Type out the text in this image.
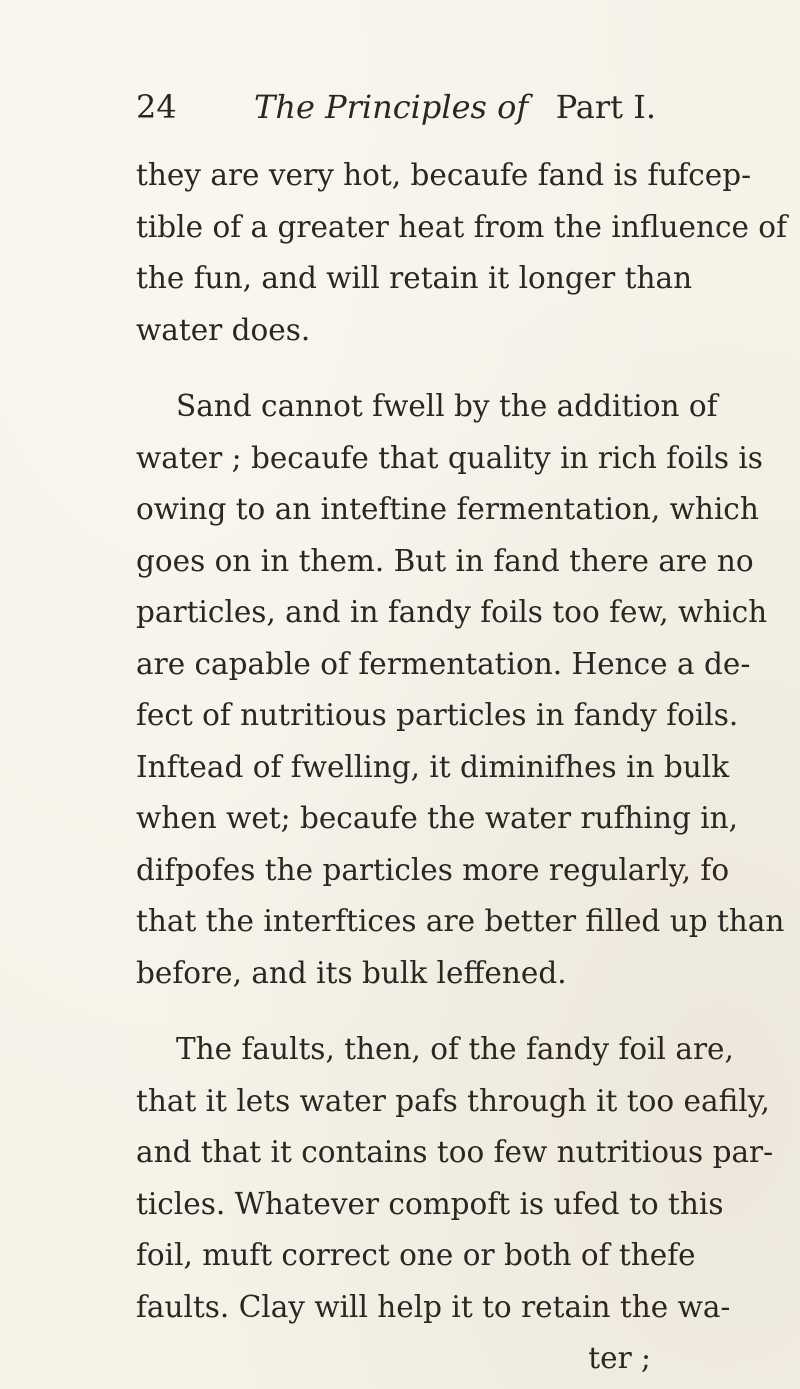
24 The Principles of Part I.
they are very hot, becaufe fand is fufcep-
tible of a greater heat from the influence of
the fun, and will retain it longer than
water does.
Sand cannot fwell by the addition of
water ; becaufe that quality in rich foils is
owing to an inteftine fermentation, which
goes on in them. But in fand there are no
particles, and in fandy foils too few, which
are capable of fermentation. Hence a de-
fect of nutritious particles in fandy foils.
Inftead of fwelling, it diminifhes in bulk
when wet; becaufe the water rufhing in,
difpofes the particles more regularly, fo
that the interftices are better filled up than
before, and its bulk leffened.
The faults, then, of the fandy foil are,
that it lets water pafs through it too eafily,
and that it contains too few nutritious par-
ticles. Whatever compoft is ufed to this
foil, muft correct one or both of thefe
faults. Clay will help it to retain the wa-
ter ;
